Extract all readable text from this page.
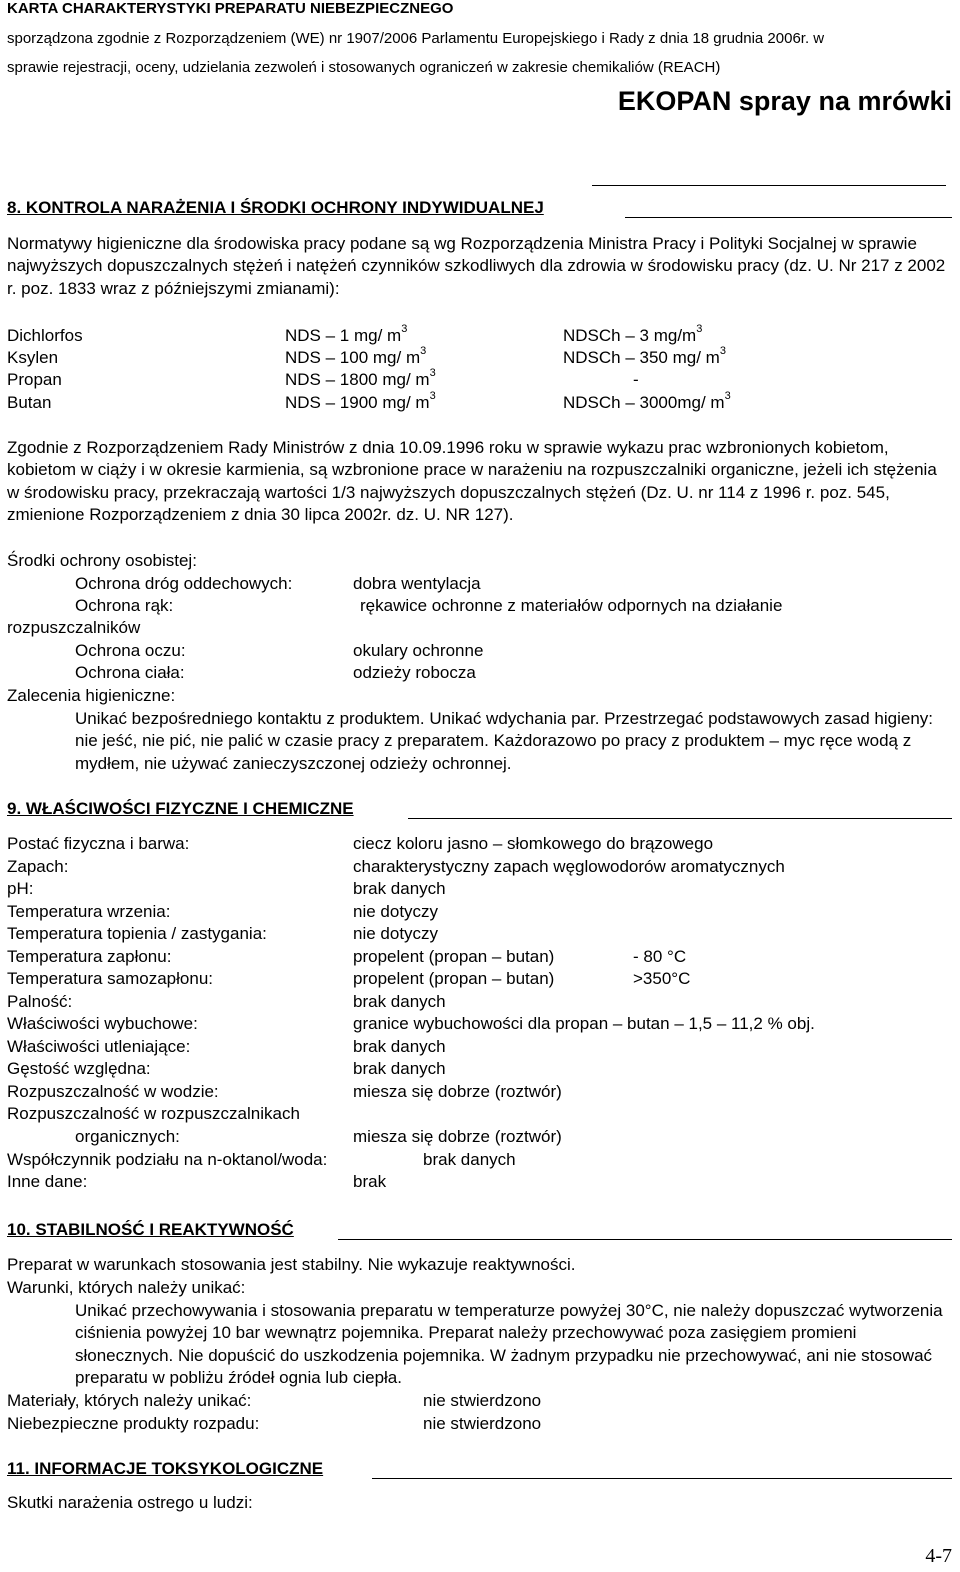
KARTA CHARAKTERYSTYKI PREPARATU NIEBEZPIECZNEGO
sporządzona zgodnie z Rozporządzeniem (WE) nr 1907/2006 Parlamentu Europejskiego i Rady z dnia 18 grudnia 2006r. w
sprawie rejestracji, oceny, udzielania zezwoleń i stosowanych ograniczeń w zakresie chemikaliów (REACH)
EKOPAN spray na mrówki
8. KONTROLA NARAŻENIA I ŚRODKI OCHRONY INDYWIDUALNEJ
Normatywy higieniczne dla środowiska pracy podane są wg Rozporządzenia Ministra Pracy i Polityki Socjalnej w sprawie najwyższych dopuszczalnych stężeń i natężeń czynników szkodliwych dla zdrowia w środowisku pracy (dz. U. Nr 217 z 2002 r. poz. 1833 wraz z późniejszymi zmianami):
Dichlorfos	NDS – 1 mg/ $m^3$	NDSCh – 3 $mg/m^3$
Ksylen	NDS – 100 mg/ $m^3$	NDSCh – 350 mg/ $m^3$
Propan	NDS – 1800 mg/ $m^3$	-
Butan	NDS – 1900 mg/ $m^3$	NDSCh – 3000mg/ $m^3$
Zgodnie z Rozporządzeniem Rady Ministrów z dnia 10.09.1996 roku w sprawie wykazu prac wzbronionych kobietom, kobietom w ciąży i w okresie karmienia, są wzbronione prace w narażeniu na rozpuszczalniki organiczne, jeżeli ich stężenia w środowisku pracy, przekraczają wartości 1/3 najwyższych dopuszczalnych stężeń (Dz. U. nr 114 z 1996 r. poz. 545, zmienione Rozporządzeniem z dnia 30 lipca 2002r. dz. U. NR 127).
Środki ochrony osobistej:
Ochrona dróg oddechowych:	dobra wentylacja
Ochrona rąk:	rękawice ochronne z materiałów odpornych na działanie
rozpuszczalników
Ochrona oczu:	okulary ochronne
Ochrona ciała:	odzieży robocza
Zalecenia higieniczne:
Unikać bezpośredniego kontaktu z produktem. Unikać wdychania par. Przestrzegać podstawowych zasad higieny: nie jeść, nie pić, nie palić w czasie pracy z preparatem. Każdorazowo po pracy z produktem – myc ręce wodą z mydłem, nie używać zanieczyszczonej odzieży ochronnej.
9. WŁAŚCIWOŚCI FIZYCZNE I CHEMICZNE
Postać fizyczna i barwa:	ciecz koloru jasno – słomkowego do brązowego
Zapach:	charakterystyczny zapach węglowodorów aromatycznych
pH:	brak danych
Temperatura wrzenia:	nie dotyczy
Temperatura topienia / zastygania:	nie dotyczy
Temperatura zapłonu:	propelent (propan – butan)	- 80 °C
Temperatura samozapłonu:	propelent (propan – butan)	>350°C
Palność:	brak danych
Właściwości wybuchowe:	granice wybuchowości dla propan – butan – 1,5 – 11,2 % obj.
Właściwości utleniające:	brak danych
Gęstość względna:	brak danych
Rozpuszczalność w wodzie:	miesza się dobrze (roztwór)
Rozpuszczalność w rozpuszczalnikach
organicznych:	miesza się dobrze (roztwór)
Współczynnik podziału na n-oktanol/woda:	brak danych
Inne dane:	brak
10. STABILNOŚĆ I REAKTYWNOŚĆ
Preparat w warunkach stosowania jest stabilny. Nie wykazuje reaktywności.
Warunki, których należy unikać:
Unikać przechowywania i stosowania preparatu w temperaturze powyżej 30°C, nie należy dopuszczać wytworzenia ciśnienia powyżej 10 bar wewnątrz pojemnika. Preparat należy przechowywać poza zasięgiem promieni słonecznych. Nie dopuścić do uszkodzenia pojemnika. W żadnym przypadku nie przechowywać, ani nie stosować preparatu w pobliżu źródeł ognia lub ciepła.
Materiały, których należy unikać:	nie stwierdzono
Niebezpieczne produkty rozpadu:	nie stwierdzono
11. INFORMACJE TOKSYKOLOGICZNE
Skutki narażenia ostrego u ludzi:
4-7
